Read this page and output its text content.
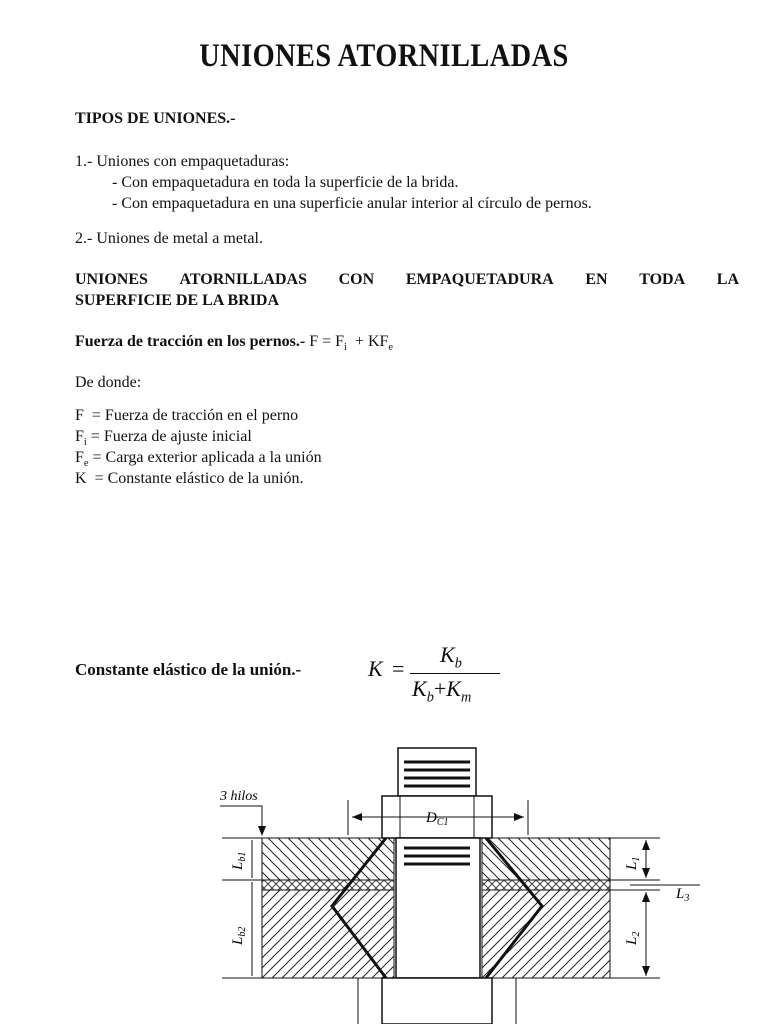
UNIONES ATORNILLADAS
TIPOS DE UNIONES.-
1.- Uniones con empaquetaduras:
- Con empaquetadura en toda la superficie de la brida.
- Con empaquetadura en una superficie anular interior al círculo de pernos.
2.- Uniones de metal a metal.
UNIONES ATORNILLADAS CON EMPAQUETADURA EN TODA LA
SUPERFICIE DE LA BRIDA
Fuerza de tracción en los pernos.- $F = F_i + KF_e$
De donde:
F  = Fuerza de tracción en el perno
$F_i$ = Fuerza de ajuste inicial
$F_e$ = Carga exterior aplicada a la unión
K  = Constante elástico de la unión.
Constante elástico de la unión.-	K =
$K_b$
$K_b+K_m$
$D_{C1}$
3 hilos
$L_{b1}$
$L_{b2}$
$L_1$
$L_2$
$L_3$
